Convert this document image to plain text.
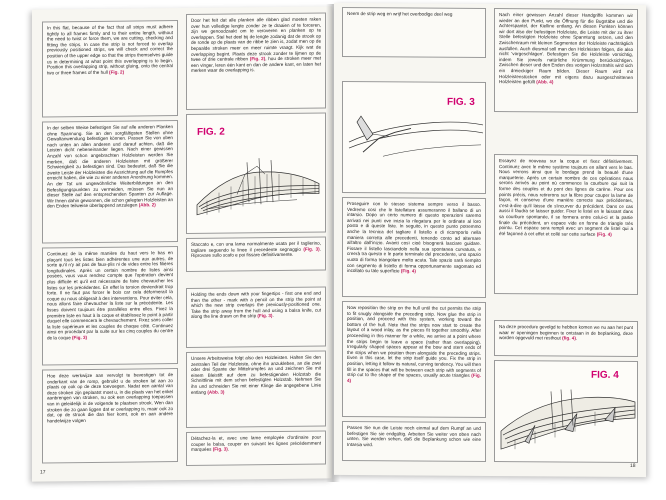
In this flat, because of the fact that all strips must adhere tightly to all frames firmly and to their entire length, without the need to twist or force them, we are cutting, checking and fitting the strips. In case the strip is not forced to overlap previously positioned strips, we will check and correct the position of the upper edge so that the strips themselves guide us in determining at what point this overlapping is to begin. Position this overlapping strip, without gluing, onto the central two or three frames of the hull (Fig. 2)
In der selben Weise befestigen Sie auf alle anderen Planken ohne Spannung. Sie an den sorgfältigsten Stellen ohne Gewaltanwendung befestigen können. Passen Sie von oben nach unten an allen anderen und darauf achten, daß die Leisten dicht nebeneinander liegen. Nach einer gewissen Anzahl von schon angebrachten Holzleisten werden Sie merken, daß die anderen Holzleisten mit größerer Schwierigkeit zu befestigen sind. Das bedeutet, daß Sie die zweite Leiste der Holzleisten die Ausrichtung auf die Rumpfes erreicht haben, die wie zu einer anderen Anordnung kommen. An der Tat um ungewöhnliche Weiterbildungen an den Befestigungspunkten zu vermeiden, müssen Sie nun an dieser Stelle auf den entsprechenden Spanten zur Auflage. Wir Ihnen dahin gewonnen, die schon gelegten Holzleisten an den Enden teilweise überlappend anzulegen (Abb. 2)
Continuez de la même manière du haut vers le bas en plaçant tous les listes bien adhérentes une aux autres, de sorte qu'il n'y ait pas de faux-plis ni de vides entre les filières longitudinales. Après un certain nombre de listes ainsi posées, vous vous rendrez compte que l'opération devient plus difficile et qu'il est nécessaire de faire chevaucher les listes sur les précédentes. En effet la torsion deviendrait trop forte. Il ne faut pas forcer le bois car cela déformerait la coque ou nous obligerait à des interventions. Pour éviter cela, nous allons faire chevaucher la liste sur la précédente. Les lisses doivent toujours être parallèles entre elles. Fixez la première liste en haut à la coque et établissez le point à partir duquel elle commencera le chevauchement. Fixez sans coller la liste supérieure et les couples de chaque côté. Continuez ainsi en procédant par la suite sur les cinq couples du centre de la coque (Fig. 3)
Hoe deze werkwijze aan vervolgt te bevestigen tot de onderkant van de romp, gebruikt u de stroken lat aan zo plaats op ook op de deze toevoegen. Nadat een aantal van deze stroken zijn geplaatst moet u, in die plaats van het enkel aanbrengen van stroken, nu ook een overlapping toepassen van in geleidelijk in de volgende te plaatsen strook. Wen dan stroken die zo gaan liggen dat er overlapping is, maar ook zo dat, op de strook die dan hier komt, ook en aan andere handelwijze volgen
Door het feit dat alle planken alle ribben glad moeten raken over hun volledige lengte zonder ze te draaien of te forceren, zijn we genoodzaakt om te veroveren en planken op te overlappen. Stel het deel bij de lengte zodanig dat de strook op de ronde op de plaats van de ribbe te zien is, zodat men op de bepaalde stroken meer en meer ruimte vraagt. Kijk wat de overlapping begint. Plaats deze strook zonder te lijmen op de twee of drie centrale ribben (Fig. 2), hou de stroken meer met een vinger, leren één kant en dan de andere kant, en laten het merken waar de overlapping is.
FIG. 2
Staccato e, con una lama normalmente usata per il taglierino, tagliare seguendo le linee il precedente segnaggio (Fig. 3). Riprovare sullo scafo e poi fissare definitivamente.
Holding the ends down with your fingertips - first one end and then the other - mark with a pencil on the strip the point at which the new strip overlaps the previously-positioned one. Take the strip away from the hull and using a balsa knife, cut along the line drawn on the strip (Fig. 3).
Unsere Arbeitsweise folgt also den Holzleisten. Halten Sie den zentralen Teil der Holzleiste, ohne ihn anzukleben, an die zwei oder drei Spante der Mittelrumpfes an und zeichnen Sie mit einem Bleistift auf dem zu befestigenden Holzstab die Schnittlinie mit dem schon befestigten Holzstab. Nehmen Sie ihn und schneiden Sie mit einer Klinge die angegebene Linie entlang (Abb. 3)
Détachez-la et, avec une lame employée d'ordinaire pour couper le balsa, couper en suivant les lignes précédemment marquées (Fig. 3).
17
Neem de strip weg en wrijf het overbodige deel weg
FIG. 3
Proseguire con lo stesso sistema sempre verso il basso. Vedremo così che le listellature assumeranno il ballano di un intarsio. Dopo un certo numero di questo operazioni saremo arrivati nei punti ove inizia la rilegatura per le ordinate al loro posto e di queste liste. In seguito, in questo punto potremmo anche la tecnica del tagliare il listello e di ricomporlo nella maniera corretta alle precedenti, tenendo conto ad alternare all'altro dall'inizio. Avanti così cioè bisognerà lasciare guidare. Fissare il listello lasciandolo nella sua spontanea curvatura, e creerà tra questo e le parte terminale del precedente, uno spazio vuoto di forma triangolare molto acuta. Tale spazio sarà riempito con segmento di listello di forma opportunamente sagomato ed incollato su tale superficie (Fig. 4)
Now reposition the strip on the hull until the cut permits the strip to fit snugly alongside the preceding strip. Now glue the strip in position, and proceed with this system, working toward the bottom of the hull. Note that the strips now start to create the layout of a wood inlay, as the pieces fit together smoothly. After proceeding in this manner for a while, we arrive at a point where the strips begin to leave a space (rather than overlapping). Irregularly shaped spaces appear at the bow and stern ends of the strips when we position them alongside the preceding strips. Even in this case, let the strip itself guide you. Fix the strip in position, letting it follow its natural, curving tendency. You will then fill in the spaces that will be between each strip with segments of strip cut to the shape of the spaces, usually acute triangles (Fig. 4)
Passen Sie nun die Leiste noch einmal auf dem Rumpf an und befestigen Sie sie endgültig. Arbeiten Sie weiter von oben nach unten. Sie werden sehen, daß die Beplankung schon wie eine Intarsia wird.
Nach einer gewissen Anzahl dieser Handgriffe kommen wir wieder an den Punkt, wo die Öffnung für die Bugstäbe und die Achterspantel, der Kielline entlang. An diesen Punkten können wir dort also der befestigen Holzleiste, die Leiste mit der zu ihrer Stelle befestigten Holzleiste ohne Spanntung setzen, und den Zwischenraum mit kleinen Segmenten der Holzleiste nachträglich ausfüllen. Auch diesmal soll man den Holzleisten folgen, die also nicht 'vorgeschlagen'. Befestigen Sie die Holzleiste vorsichtig, indem Sie jeweils natürliche Krümmung berücksichtigen. Zwischen dieser und den Enden des vorigen Holzstrahls wird sich ein dreieckiger Raum bilden. Dieser Raum wird mit Holzleistenstücken oder mit eigens dazu ausgeschnittenen Holzleisten gefüllt (Abb. 4)
Essayez de nouveau sur la coque et fixez définitivement. Continuez avec le même système toujours en allant vers le bas. Nous verrons ainsi que le bordage prend la beauté d'une marqueterie. Après un certain nombre de ces opérations nous serons arrivés au point où commence la courbure qui suit la forme des couples et du pont des lignes de carène. Pour ces points précis, nous retirerons sur la fibre pour couper la lame de façon, et conserve d'une manière correcte aux précédentes, c'est-à-dire qu'il laisse de s'incurver du précédent. Dans ce cas aussi il faudra se laisser guider. Fixer le listel en le laissant dans sa courbure spontanée, il se formera entre celui-ci et la partie finale du précédent, un espace vide en forme de triangle très pointu. Cet espace sera rempli avec un segment de listel qui a été façonné à cet effet et collé sur cette surface (Fig. 4)
Na deze procedure gevolgd te hebben komen we nu aan het punt waar er openingen beginnen te ontstaan in de beplanking, deze worden opgevuld met resthout (fig. 4).
FIG. 4
18
